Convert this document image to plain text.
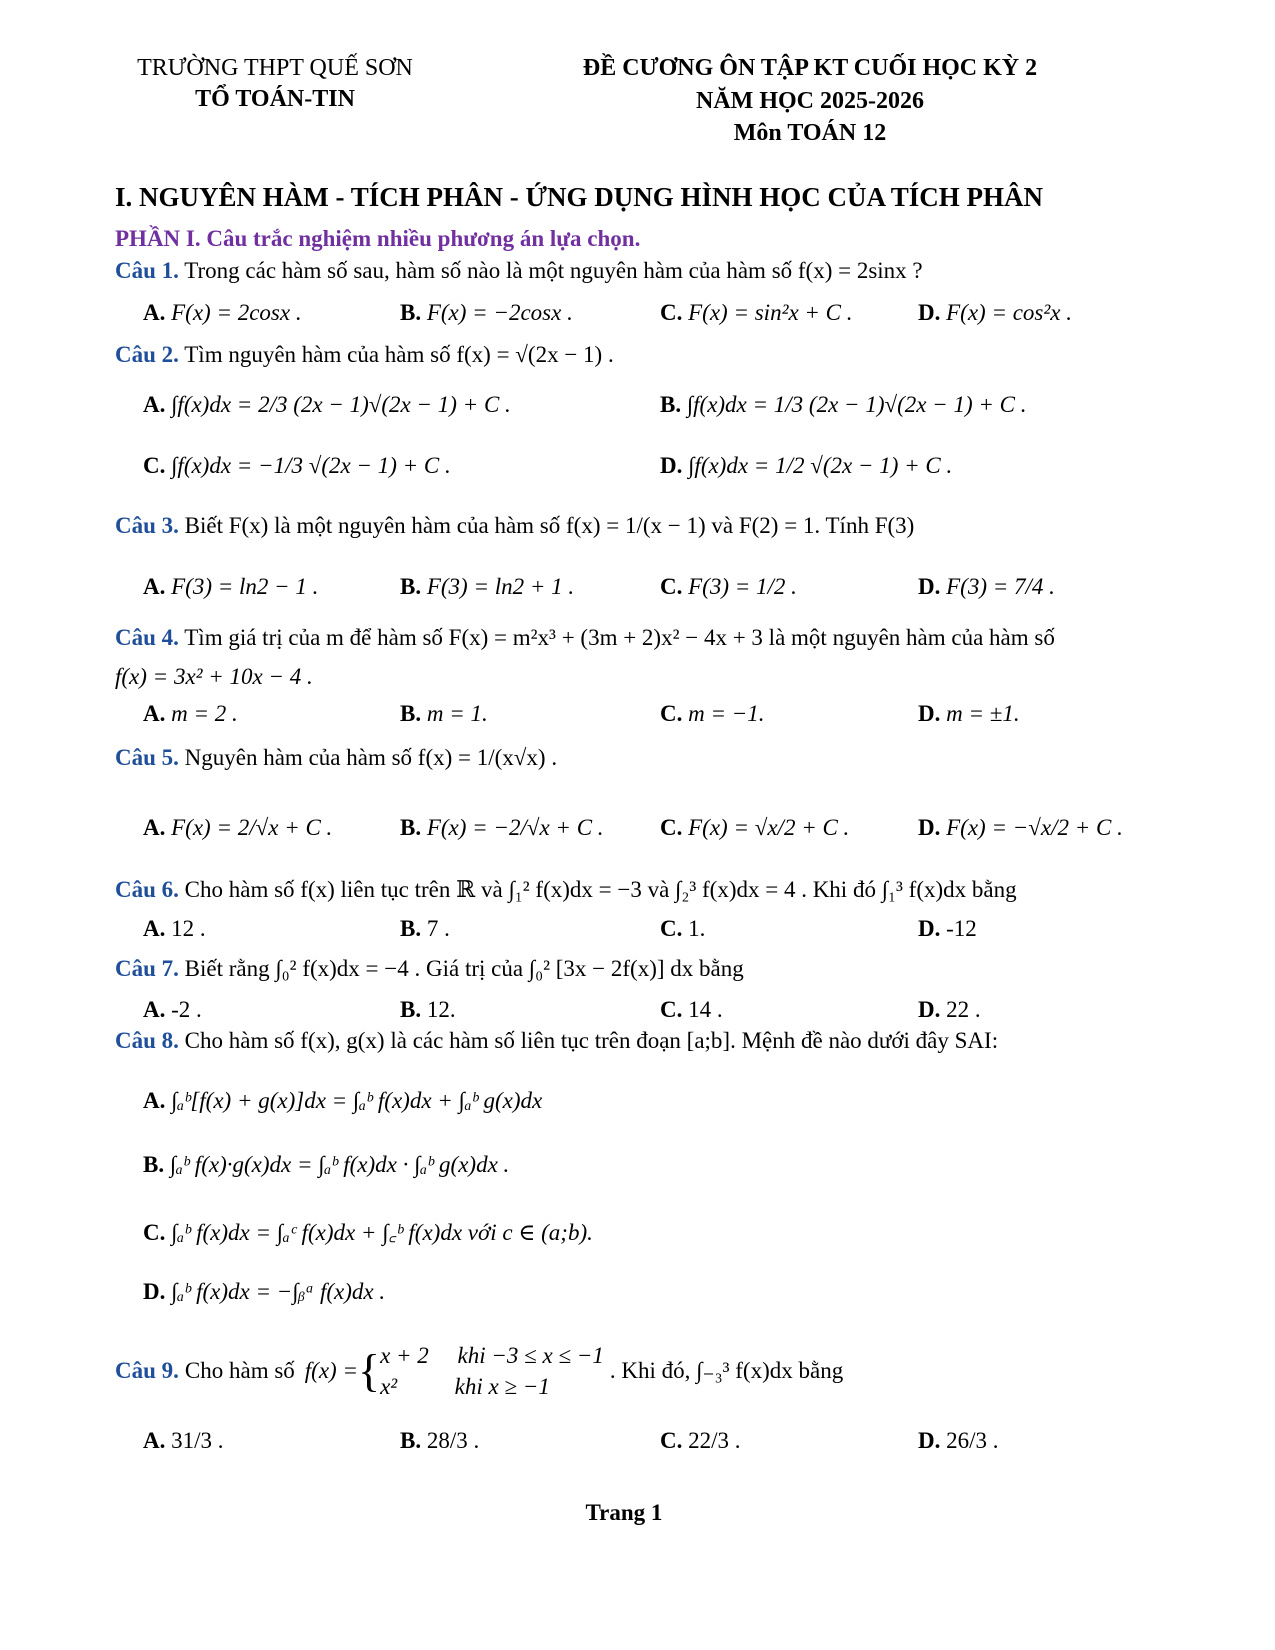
TRƯỜNG THPT QUẾ SƠN
TỔ TOÁN-TIN
ĐỀ CƯƠNG ÔN TẬP KT CUỐI HỌC KỲ 2
NĂM HỌC 2025-2026
Môn TOÁN 12
I. NGUYÊN HÀM - TÍCH PHÂN - ỨNG DỤNG HÌNH HỌC CỦA TÍCH PHÂN
PHẦN I. Câu trắc nghiệm nhiều phương án lựa chọn.
Câu 1. Trong các hàm số sau, hàm số nào là một nguyên hàm của hàm số f(x) = 2sinx ?
A. F(x) = 2cosx .	B. F(x) = −2cosx .	C. F(x) = sin²x + C .	D. F(x) = cos²x .
Câu 2. Tìm nguyên hàm của hàm số f(x) = √(2x − 1) .
A. ∫f(x)dx = 2/3 (2x − 1)√(2x − 1) + C .	B. ∫f(x)dx = 1/3 (2x − 1)√(2x − 1) + C .
C. ∫f(x)dx = −1/3 √(2x − 1) + C .	D. ∫f(x)dx = 1/2 √(2x − 1) + C .
Câu 3. Biết F(x) là một nguyên hàm của hàm số f(x) = 1/(x − 1) và F(2) = 1. Tính F(3)
A. F(3) = ln2 − 1 .	B. F(3) = ln2 + 1 .	C. F(3) = 1/2 .	D. F(3) = 7/4 .
Câu 4. Tìm giá trị của m để hàm số F(x) = m²x³ + (3m + 2)x² − 4x + 3 là một nguyên hàm của hàm số
f(x) = 3x² + 10x − 4 .
A. m = 2 .	B. m = 1.	C. m = −1.	D. m = ±1.
Câu 5. Nguyên hàm của hàm số f(x) = 1/(x√x) .
A. F(x) = 2/√x + C .	B. F(x) = −2/√x + C . C. F(x) = √x/2 + C .	D. F(x) = −√x/2 + C .
Câu 6. Cho hàm số f(x) liên tục trên ℝ và ∫₁² f(x)dx = −3 và ∫₂³ f(x)dx = 4 . Khi đó ∫₁³ f(x)dx bằng
A. 12 .	B. 7 .	C. 1.	D. -12
Câu 7. Biết rằng ∫₀² f(x)dx = −4 . Giá trị của ∫₀² [3x − 2f(x)] dx bằng
A. -2 .	B. 12.	C. 14 .	D. 22 .
Câu 8. Cho hàm số f(x), g(x) là các hàm số liên tục trên đoạn [a;b]. Mệnh đề nào dưới đây SAI:
A. ∫ₐᵇ[f(x) + g(x)]dx = ∫ₐᵇ f(x)dx + ∫ₐᵇ g(x)dx
B. ∫ₐᵇ f(x)·g(x)dx = ∫ₐᵇ f(x)dx · ∫ₐᵇ g(x)dx .
C. ∫ₐᵇ f(x)dx = ∫ₐᶜ f(x)dx + ∫꜀ᵇ f(x)dx với c ∈ (a;b).
D. ∫ₐᵇ f(x)dx = −∫ᵦᵃ f(x)dx .
Câu 9. Cho hàm số f(x) = { x + 2     khi −3 ≤ x ≤ −1
x²          khi x ≥ −1
. Khi đó, ∫₋₃³ f(x)dx bằng
A. 31/3 .	B. 28/3 .	C. 22/3 .	D. 26/3 .
Trang 1
